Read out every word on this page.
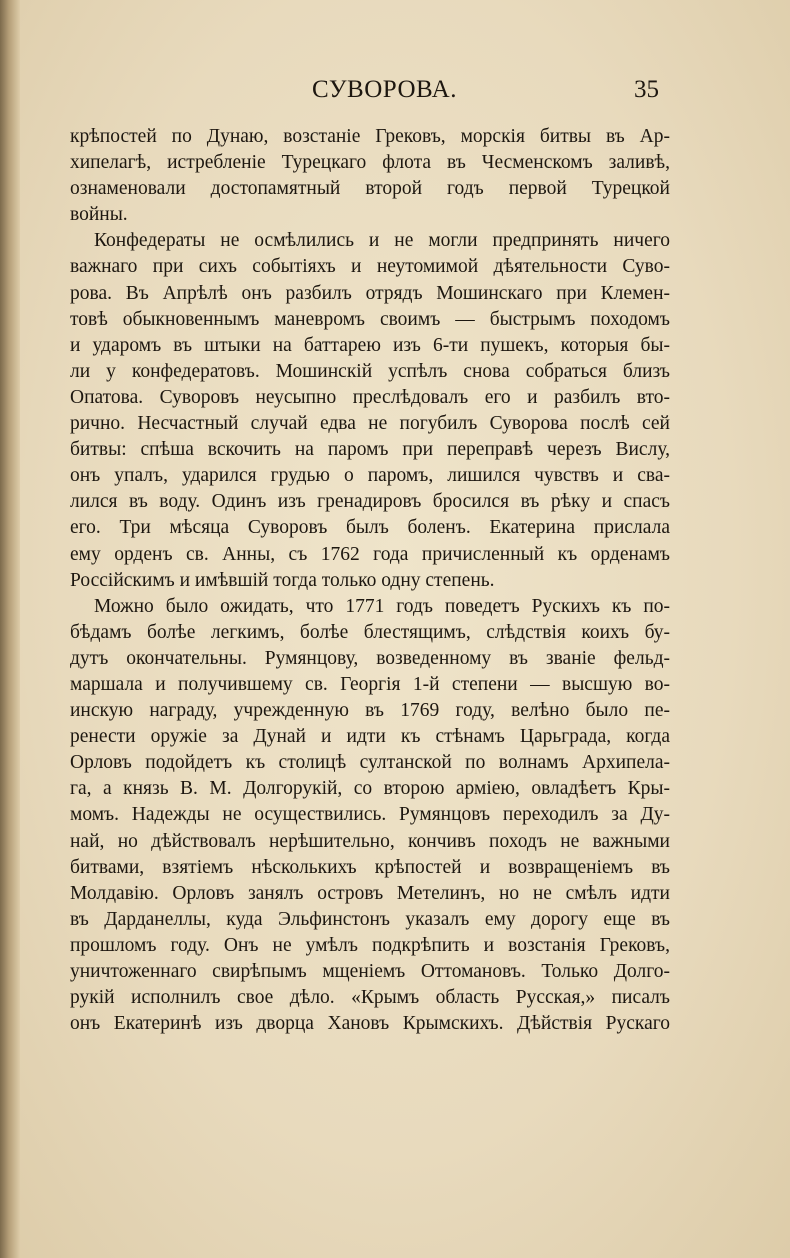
СУВОРОВА.	35
крѣпостей по Дунаю, возстаніе Грековъ, морскія битвы въ Ар-
хипелагѣ, истребленіе Турецкаго флота въ Чесменскомъ заливѣ,
ознаменовали достопамятный второй годъ первой Турецкой
войны.
Конфедераты не осмѣлились и не могли предпринять ничего
важнаго при сихъ событіяхъ и неутомимой дѣятельности Суво-
рова. Въ Апрѣлѣ онъ разбилъ отрядъ Мошинскаго при Клемен-
товѣ обыкновеннымъ маневромъ своимъ — быстрымъ походомъ
и ударомъ въ штыки на баттарею изъ 6-ти пушекъ, которыя бы-
ли у конфедератовъ. Мошинскій успѣлъ снова собраться близъ
Опатова. Суворовъ неусыпно преслѣдовалъ его и разбилъ вто-
рично. Несчастный случай едва не погубилъ Суворова послѣ сей
битвы: спѣша вскочить на паромъ при переправѣ черезъ Вислу,
онъ упалъ, ударился грудью о паромъ, лишился чувствъ и сва-
лился въ воду. Одинъ изъ гренадировъ бросился въ рѣку и спасъ
его. Три мѣсяца Суворовъ былъ боленъ. Екатерина прислала
ему орденъ св. Анны, съ 1762 года причисленный къ орденамъ
Россійскимъ и имѣвшій тогда только одну степень.
Можно было ожидать, что 1771 годъ поведетъ Рускихъ къ по-
бѣдамъ болѣе легкимъ, болѣе блестящимъ, слѣдствія коихъ бу-
дутъ окончательны. Румянцову, возведенному въ званіе фельд-
маршала и получившему св. Георгія 1-й степени — высшую во-
инскую награду, учрежденную въ 1769 году, велѣно было пе-
ренести оружіе за Дунай и идти къ стѣнамъ Царьграда, когда
Орловъ подойдетъ къ столицѣ султанской по волнамъ Архипела-
га, а князь В. М. Долгорукій, со второю арміею, овладѣетъ Кры-
момъ. Надежды не осуществились. Румянцовъ переходилъ за Ду-
най, но дѣйствовалъ нерѣшительно, кончивъ походъ не важными
битвами, взятіемъ нѣсколькихъ крѣпостей и возвращеніемъ въ
Молдавію. Орловъ занялъ островъ Метелинъ, но не смѣлъ идти
въ Дарданеллы, куда Эльфинстонъ указалъ ему дорогу еще въ
прошломъ году. Онъ не умѣлъ подкрѣпить и возстанія Грековъ,
уничтоженнаго свирѣпымъ мщеніемъ Оттомановъ. Только Долго-
рукій исполнилъ свое дѣло. «Крымъ область Русская,» писалъ
онъ Екатеринѣ изъ дворца Хановъ Крымскихъ. Дѣйствія Рускаго
